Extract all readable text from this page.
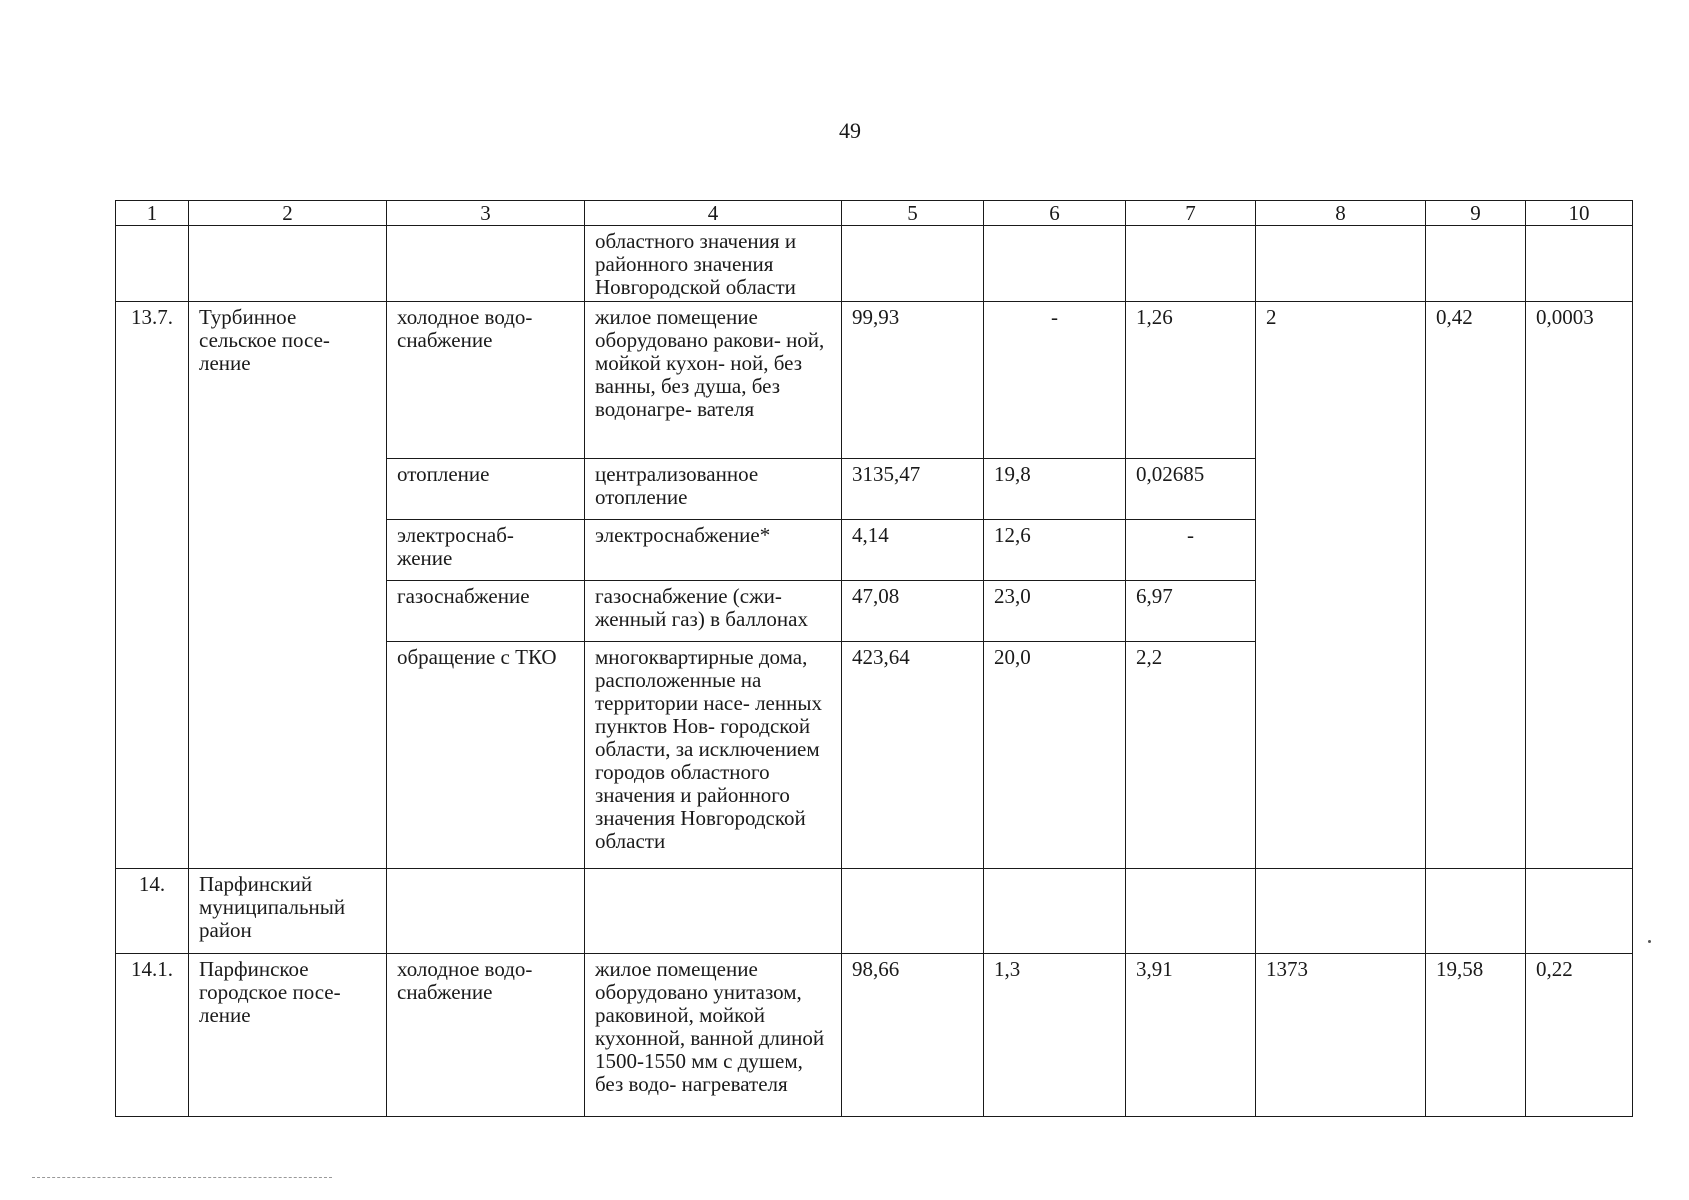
49
1	2	3	4	5	6	7	8	9	10
			областного значения и районного значения Новгородской области						
13.7.	Турбинное сельское посе- ление	холодное водо- снабжение	жилое помещение оборудовано ракови- ной, мойкой кухон- ной, без ванны, без душа, без водонагре- вателя	99,93	-	1,26	2	0,42	0,0003
		отопление	централизованное отопление	3135,47	19,8	0,02685			
		электроснаб- жение	электроснабжение*	4,14	12,6	-			
		газоснабжение	газоснабжение (сжи- женный газ) в баллонах	47,08	23,0	6,97			
		обращение с ТКО	многоквартирные дома, расположенные на территории насе- ленных пунктов Нов- городской области, за исключением городов областного значения и районного значения Новгородской области	423,64	20,0	2,2			
14.	Парфинский муниципальный район								
14.1.	Парфинское городское посе- ление	холодное водо- снабжение	жилое помещение оборудовано унитазом, раковиной, мойкой кухонной, ванной длиной 1500-1550 мм с душем, без водо- нагревателя	98,66	1,3	3,91	1373	19,58	0,22
